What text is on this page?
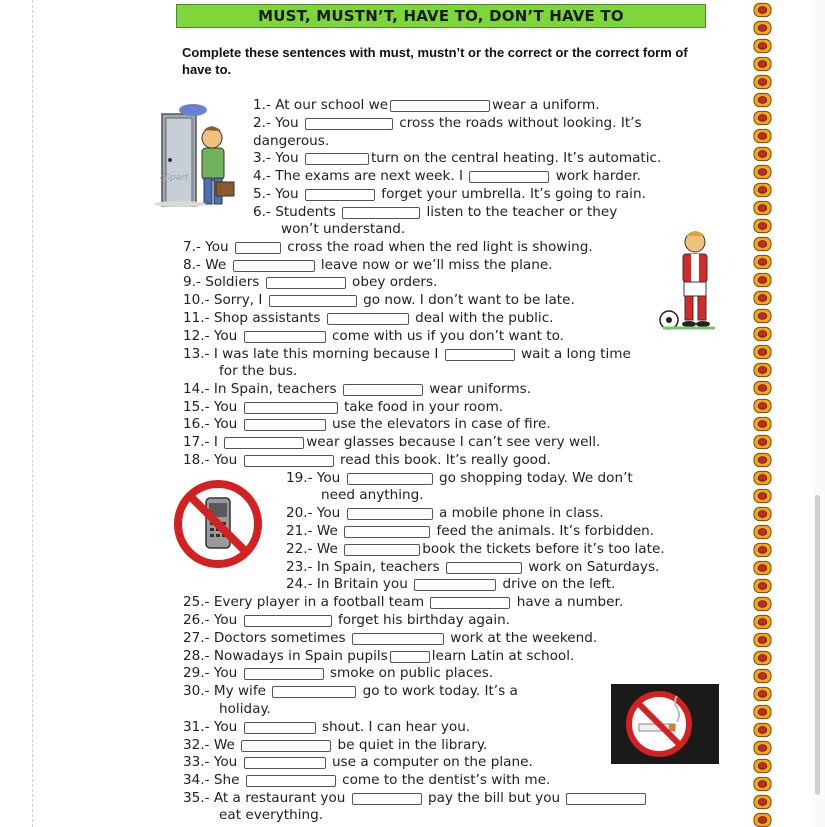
MUST, MUSTN’T, HAVE TO, DON’T HAVE TO
Complete these sentences with must, mustn’t or the correct or the correct form of have to.
clipart
1.- At our school we	wear a uniform.
2.- You	cross the roads without looking. It’s
dangerous.
3.- You	turn on the central heating. It’s automatic.
4.- The exams are next week. I	work harder.
5.- You	forget your umbrella. It’s going to rain.
6.- Students	listen to the teacher or they
won’t understand.
7.- You	cross the road when the red light is showing.
8.- We	leave now or we’ll miss the plane.
9.- Soldiers	obey orders.
10.- Sorry, I	go now. I don’t want to be late.
11.- Shop assistants	deal with the public.
12.- You	come with us if you don’t want to.
13.- I was late this morning because I	wait a long time
for the bus.
14.- In Spain, teachers	wear uniforms.
15.- You	take food in your room.
16.- You	use the elevators in case of fire.
17.- I	wear glasses because I can’t see very well.
18.- You	read this book. It’s really good.
19.- You	go shopping today. We don’t
need anything.
20.- You	a mobile phone in class.
21.- We	feed the animals. It’s forbidden.
22.- We	book the tickets before it’s too late.
23.- In Spain, teachers	work on Saturdays.
24.- In Britain you	drive on the left.
25.- Every player in a football team	have a number.
26.- You	forget his birthday again.
27.- Doctors sometimes	work at the weekend.
28.- Nowadays in Spain pupils	learn Latin at school.
29.- You	smoke on public places.
30.- My wife	go to work today. It’s a
holiday.
31.- You	shout. I can hear you.
32.- We	be quiet in the library.
33.- You	use a computer on the plane.
34.- She	come to the dentist’s with me.
35.- At a restaurant you	pay the bill but you
eat everything.
